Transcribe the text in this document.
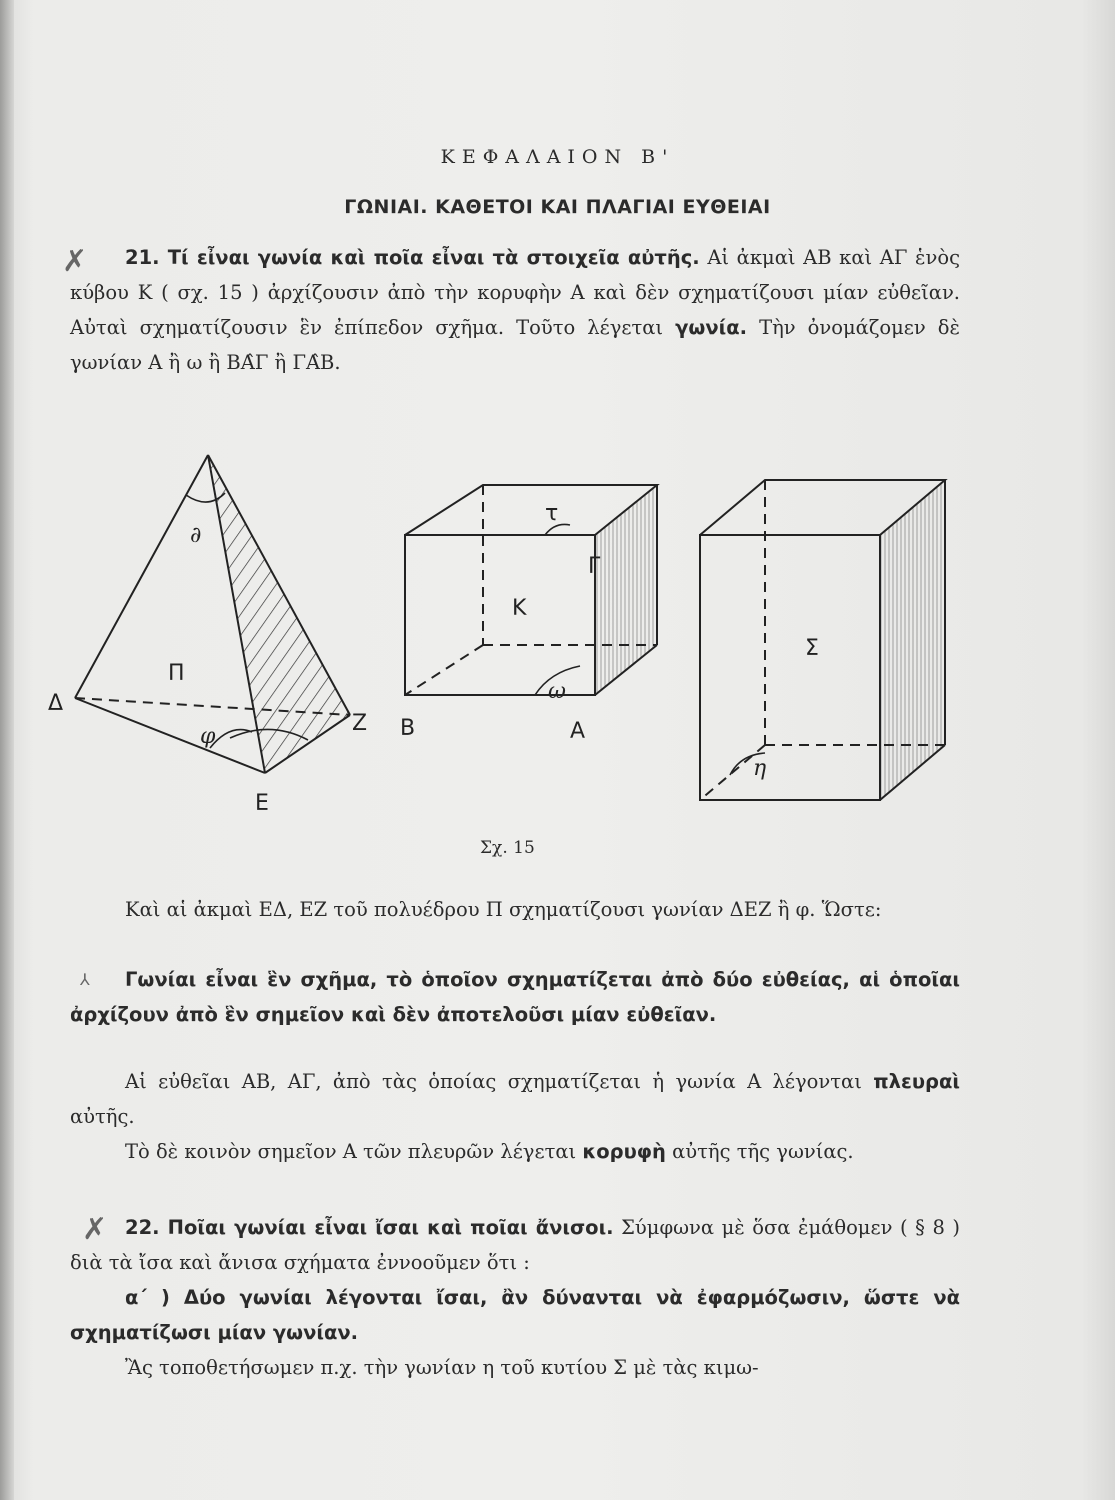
ΚΕΦΑΛΑΙΟΝ Β'
ΓΩΝΙΑΙ. ΚΑΘΕΤΟΙ ΚΑΙ ΠΛΑΓΙΑΙ ΕΥΘΕΙΑΙ
✗	21. Τί εἶναι γωνία καὶ ποῖα εἶναι τὰ στοιχεῖα αὐτῆς. Αἱ ἀκμαὶ ΑΒ καὶ ΑΓ ἑνὸς κύβου Κ ( σχ. 15 ) ἀρχίζουσιν ἀπὸ τὴν κορυφὴν Α καὶ δὲν σχηματίζουσι μίαν εὐθεῖαν. Αὐταὶ σχηματίζουσιν ἓν ἐπίπεδον σχῆμα. Τοῦτο λέγεται γωνία. Τὴν ὀνομάζομεν δὲ γωνίαν Α ἢ ω ἢ ΒΑ̂Γ ἢ ΓΑ̂Β.
Δ
Z
Ε
Π
∂
φ
τ
Γ
Κ
ω
Β	Α
Σ
η
Σχ. 15
Καὶ αἱ ἀκμαὶ ΕΔ, ΕΖ τοῦ πολυέδρου Π σχηματίζουσι γωνίαν ΔΕΖ ἢ φ. Ὥστε:
⅄	Γωνίαι εἶναι ἓν σχῆμα, τὸ ὁποῖον σχηματίζεται ἀπὸ δύο εὐθείας, αἱ ὁποῖαι ἀρχίζουν ἀπὸ ἓν σημεῖον καὶ δὲν ἀποτελοῦσι μίαν εὐθεῖαν.
Αἱ εὐθεῖαι ΑΒ, ΑΓ, ἀπὸ τὰς ὁποίας σχηματίζεται ἡ γωνία Α λέγονται πλευραὶ αὐτῆς.
Τὸ δὲ κοινὸν σημεῖον Α τῶν πλευρῶν λέγεται κορυφὴ αὐτῆς τῆς γωνίας.
✗ 22. Ποῖαι γωνίαι εἶναι ἴσαι καὶ ποῖαι ἄνισοι. Σύμφωνα μὲ ὅσα ἐμάθομεν ( § 8 ) διὰ τὰ ἴσα καὶ ἄνισα σχήματα ἐννοοῦμεν ὅτι :
α΄ ) Δύο γωνίαι λέγονται ἴσαι, ἂν δύνανται νὰ ἐφαρμόζωσιν, ὥστε νὰ σχηματίζωσι μίαν γωνίαν.
Ἂς τοποθετήσωμεν π.χ. τὴν γωνίαν η τοῦ κυτίου Σ μὲ τὰς κιμω-
